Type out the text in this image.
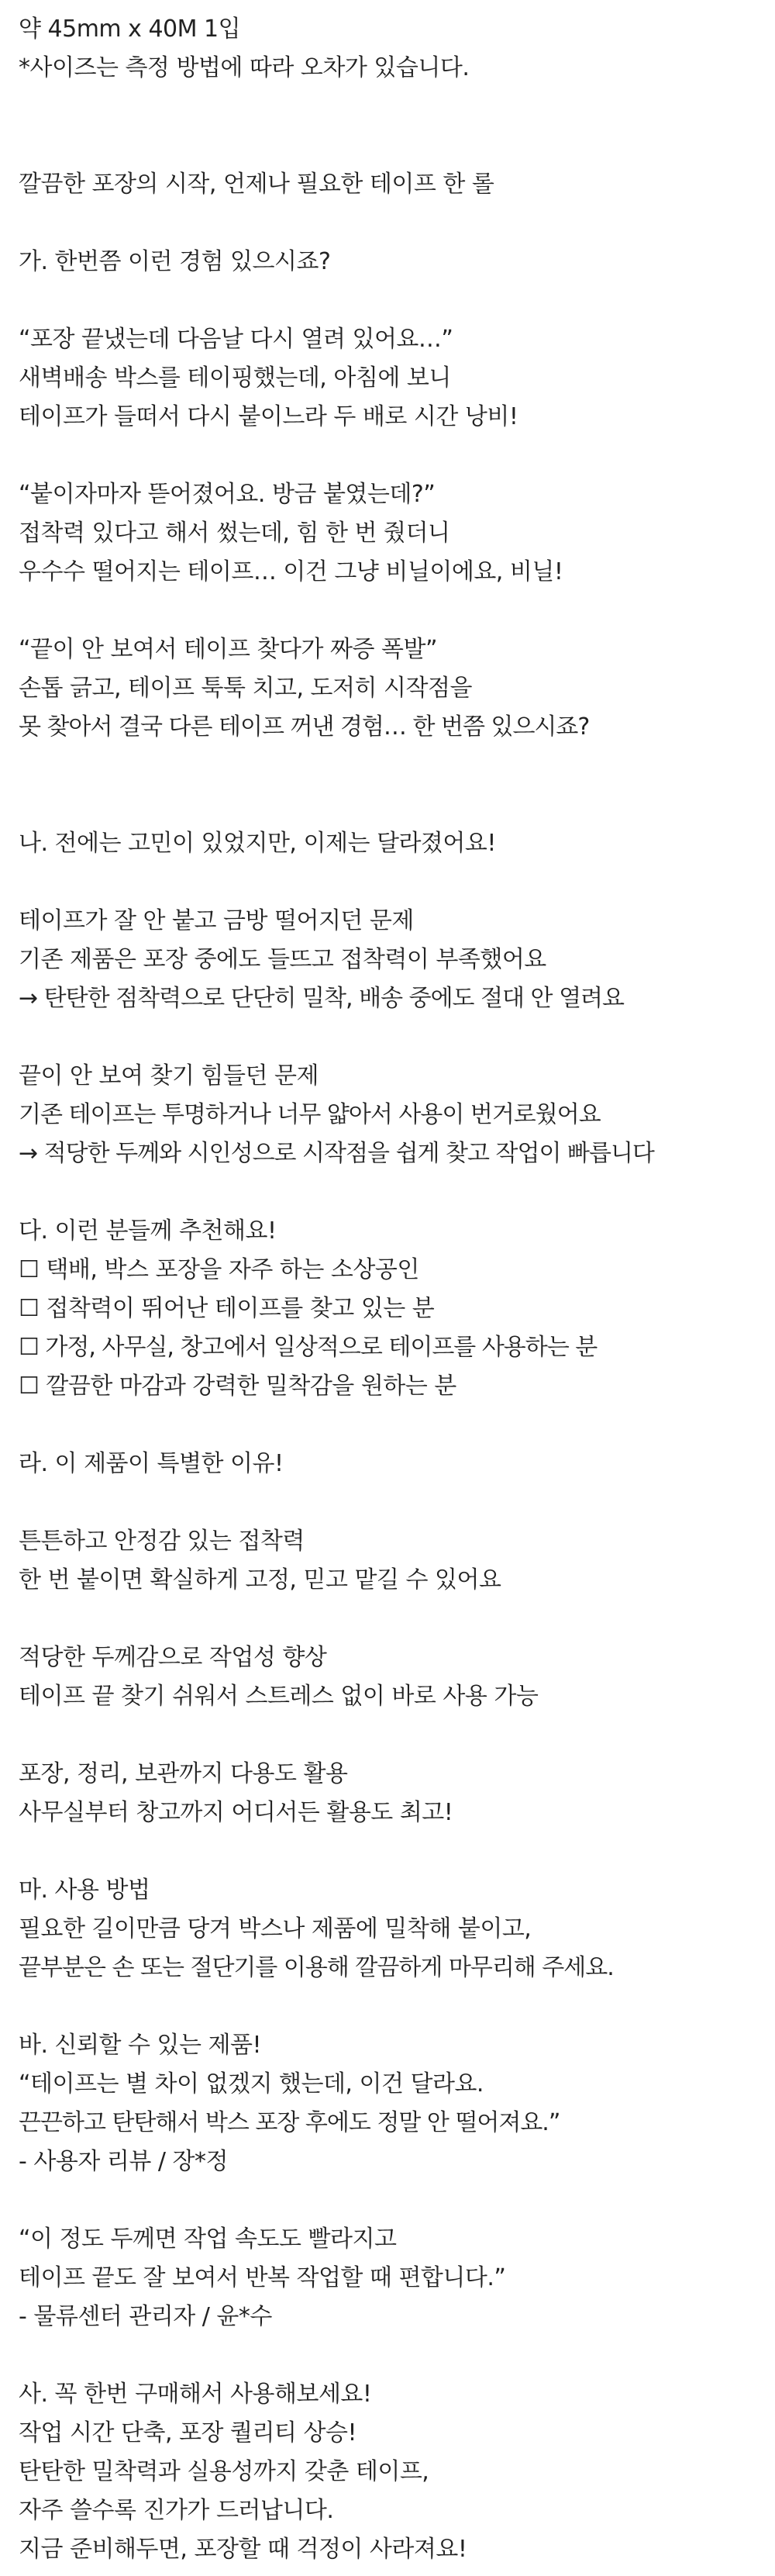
약 45mm x 40M 1입

*사이즈는 측정 방법에 따라 오차가 있습니다.

깔끔한 포장의 시작, 언제나 필요한 테이프 한 롤

가. 한번쯤 이런 경험 있으시죠?

“포장 끝냈는데 다음날 다시 열려 있어요…”

새벽배송 박스를 테이핑했는데, 아침에 보니

테이프가 들떠서 다시 붙이느라 두 배로 시간 낭비!

“붙이자마자 뜯어졌어요. 방금 붙였는데?”

접착력 있다고 해서 썼는데, 힘 한 번 줬더니

우수수 떨어지는 테이프… 이건 그냥 비닐이에요, 비닐!

“끝이 안 보여서 테이프 찾다가 짜증 폭발”

손톱 긁고, 테이프 툭툭 치고, 도저히 시작점을

못 찾아서 결국 다른 테이프 꺼낸 경험… 한 번쯤 있으시죠?

나. 전에는 고민이 있었지만, 이제는 달라졌어요!

테이프가 잘 안 붙고 금방 떨어지던 문제

기존 제품은 포장 중에도 들뜨고 접착력이 부족했어요

→ 탄탄한 점착력으로 단단히 밀착, 배송 중에도 절대 안 열려요

끝이 안 보여 찾기 힘들던 문제

기존 테이프는 투명하거나 너무 얇아서 사용이 번거로웠어요

→ 적당한 두께와 시인성으로 시작점을 쉽게 찾고 작업이 빠릅니다

다. 이런 분들께 추천해요!

☐ 택배, 박스 포장을 자주 하는 소상공인

☐ 접착력이 뛰어난 테이프를 찾고 있는 분

☐ 가정, 사무실, 창고에서 일상적으로 테이프를 사용하는 분

☐ 깔끔한 마감과 강력한 밀착감을 원하는 분

라. 이 제품이 특별한 이유!

튼튼하고 안정감 있는 접착력

한 번 붙이면 확실하게 고정, 믿고 맡길 수 있어요

적당한 두께감으로 작업성 향상

테이프 끝 찾기 쉬워서 스트레스 없이 바로 사용 가능

포장, 정리, 보관까지 다용도 활용

사무실부터 창고까지 어디서든 활용도 최고!

마. 사용 방법

필요한 길이만큼 당겨 박스나 제품에 밀착해 붙이고,

끝부분은 손 또는 절단기를 이용해 깔끔하게 마무리해 주세요.

바. 신뢰할 수 있는 제품!

“테이프는 별 차이 없겠지 했는데, 이건 달라요.

끈끈하고 탄탄해서 박스 포장 후에도 정말 안 떨어져요.”

- 사용자 리뷰 / 장*정

“이 정도 두께면 작업 속도도 빨라지고

테이프 끝도 잘 보여서 반복 작업할 때 편합니다.”

- 물류센터 관리자 / 윤*수

사. 꼭 한번 구매해서 사용해보세요!

작업 시간 단축, 포장 퀄리티 상승!

탄탄한 밀착력과 실용성까지 갖춘 테이프,

자주 쓸수록 진가가 드러납니다.

지금 준비해두면, 포장할 때 걱정이 사라져요!
